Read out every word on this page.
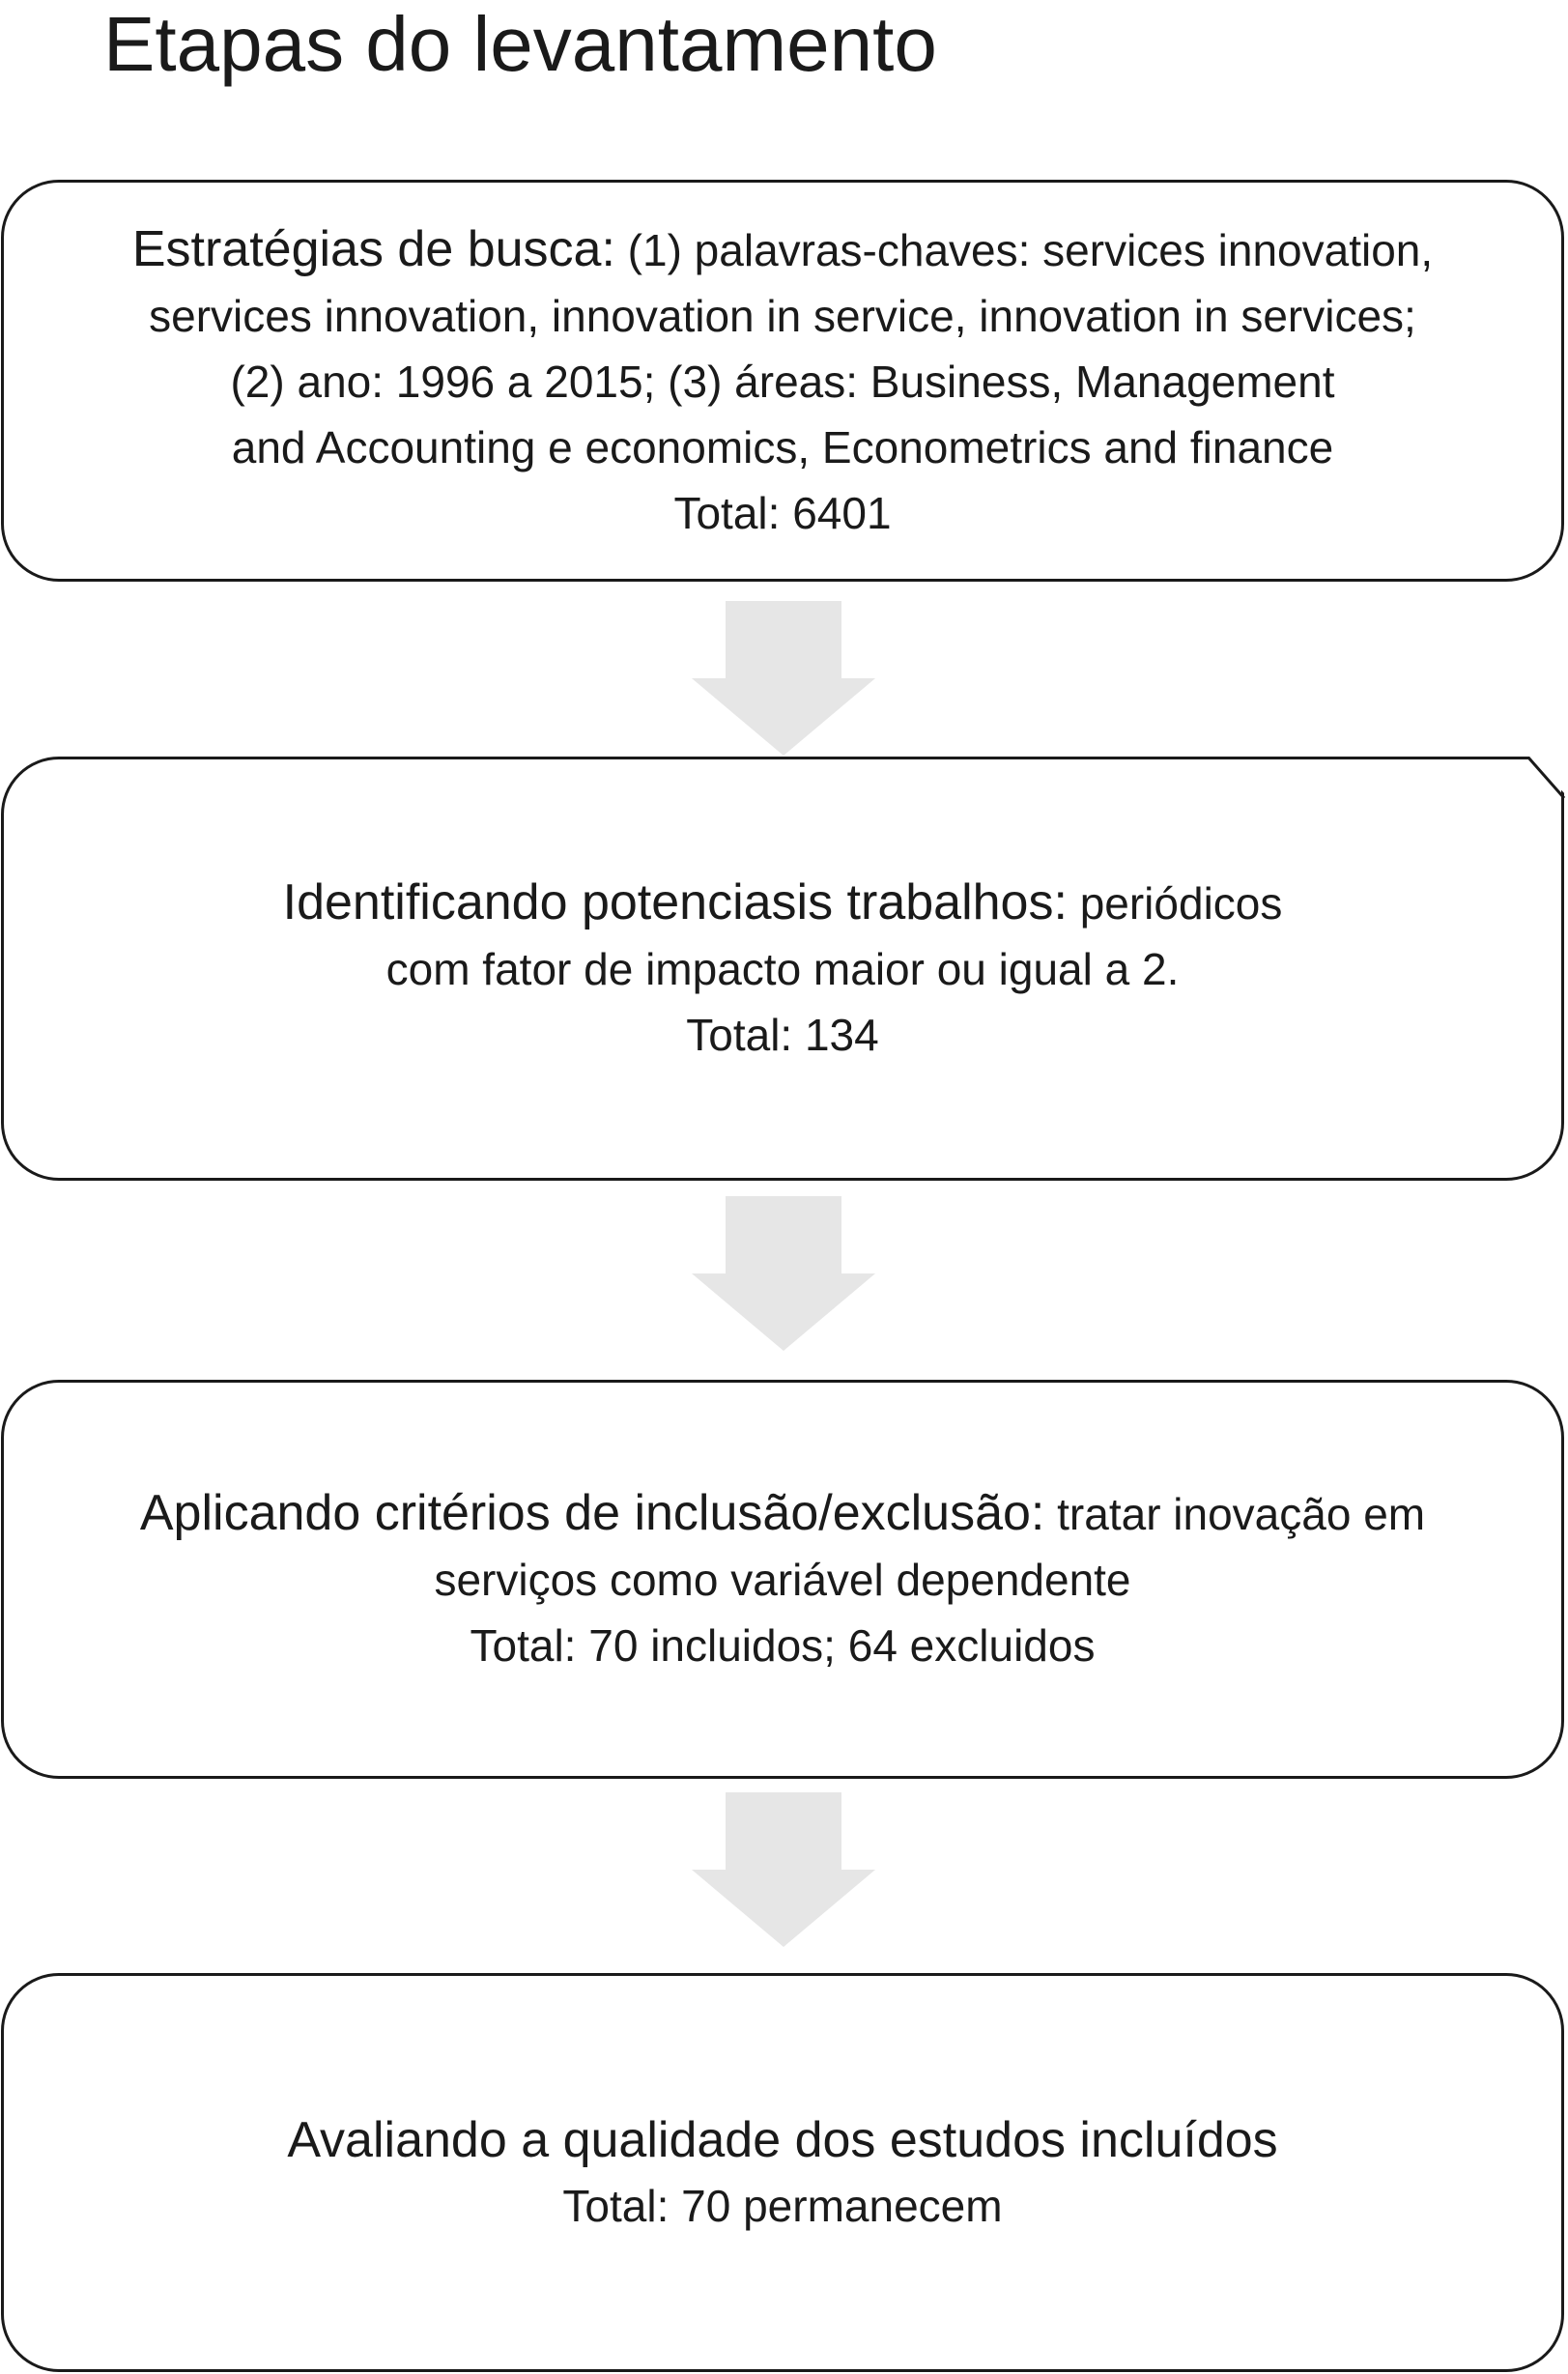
Etapas do levantamento
Estratégias de busca: (1) palavras-chaves: services innovation,
services innovation, innovation in service, innovation in services;
(2) ano: 1996 a 2015; (3) áreas: Business, Management
and Accounting e economics, Econometrics and finance
Total: 6401
Identificando potenciasis trabalhos: periódicos
com fator de impacto maior ou igual a 2.
Total: 134
Aplicando critérios de inclusão/exclusão: tratar inovação em
serviços como variável dependente
Total: 70 incluidos; 64 excluidos
Avaliando a qualidade dos estudos incluídos
Total: 70 permanecem
